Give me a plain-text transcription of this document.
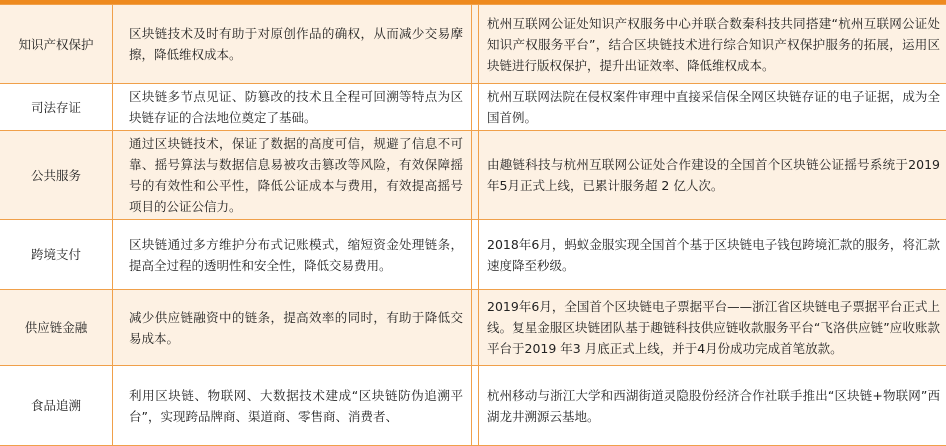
知识产权保护	区块链技术及时有助于对原创作品的确权，从而减少交易摩擦，降低维权成本。		杭州互联网公证处知识产权服务中心并联合数秦科技共同搭建“杭州互联网公证处知识产权服务平台”，结合区块链技术进行综合知识产权保护服务的拓展，运用区块链进行版权保护，提升出证效率、降低维权成本。

司法存证	区块链多节点见证、防篡改的技术且全程可回溯等特点为区块链存证的合法地位奠定了基础。		杭州互联网法院在侵权案件审理中直接采信保全网区块链存证的电子证据，成为全国首例。

公共服务	通过区块链技术，保证了数据的高度可信，规避了信息不可靠、摇号算法与数据信息易被攻击篡改等风险，有效保障摇号的有效性和公平性，降低公证成本与费用，有效提高摇号项目的公证公信力。		由趣链科技与杭州互联网公证处合作建设的全国首个区块链公证摇号系统于2019年5月正式上线，已累计服务超 2 亿人次。

跨境支付	区块链通过多方维护分布式记账模式，缩短资金处理链条，提高全过程的透明性和安全性，降低交易费用。		2018年6月，蚂蚁金服实现全国首个基于区块链电子钱包跨境汇款的服务，将汇款速度降至秒级。

供应链金融	减少供应链融资中的链条，提高效率的同时，有助于降低交易成本。		2019年6月，全国首个区块链电子票据平台——浙江省区块链电子票据平台正式上线。复星金服区块链团队基于趣链科技供应链收款服务平台“飞洛供应链”应收账款平台于2019 年3 月底正式上线，并于4月份成功完成首笔放款。

食品追溯	利用区块链、物联网、大数据技术建成“区块链防伪追溯平台”，实现跨品牌商、渠道商、零售商、消费者、		杭州移动与浙江大学和西湖街道灵隐股份经济合作社联手推出“区块链+物联网”西湖龙井溯源云基地。
